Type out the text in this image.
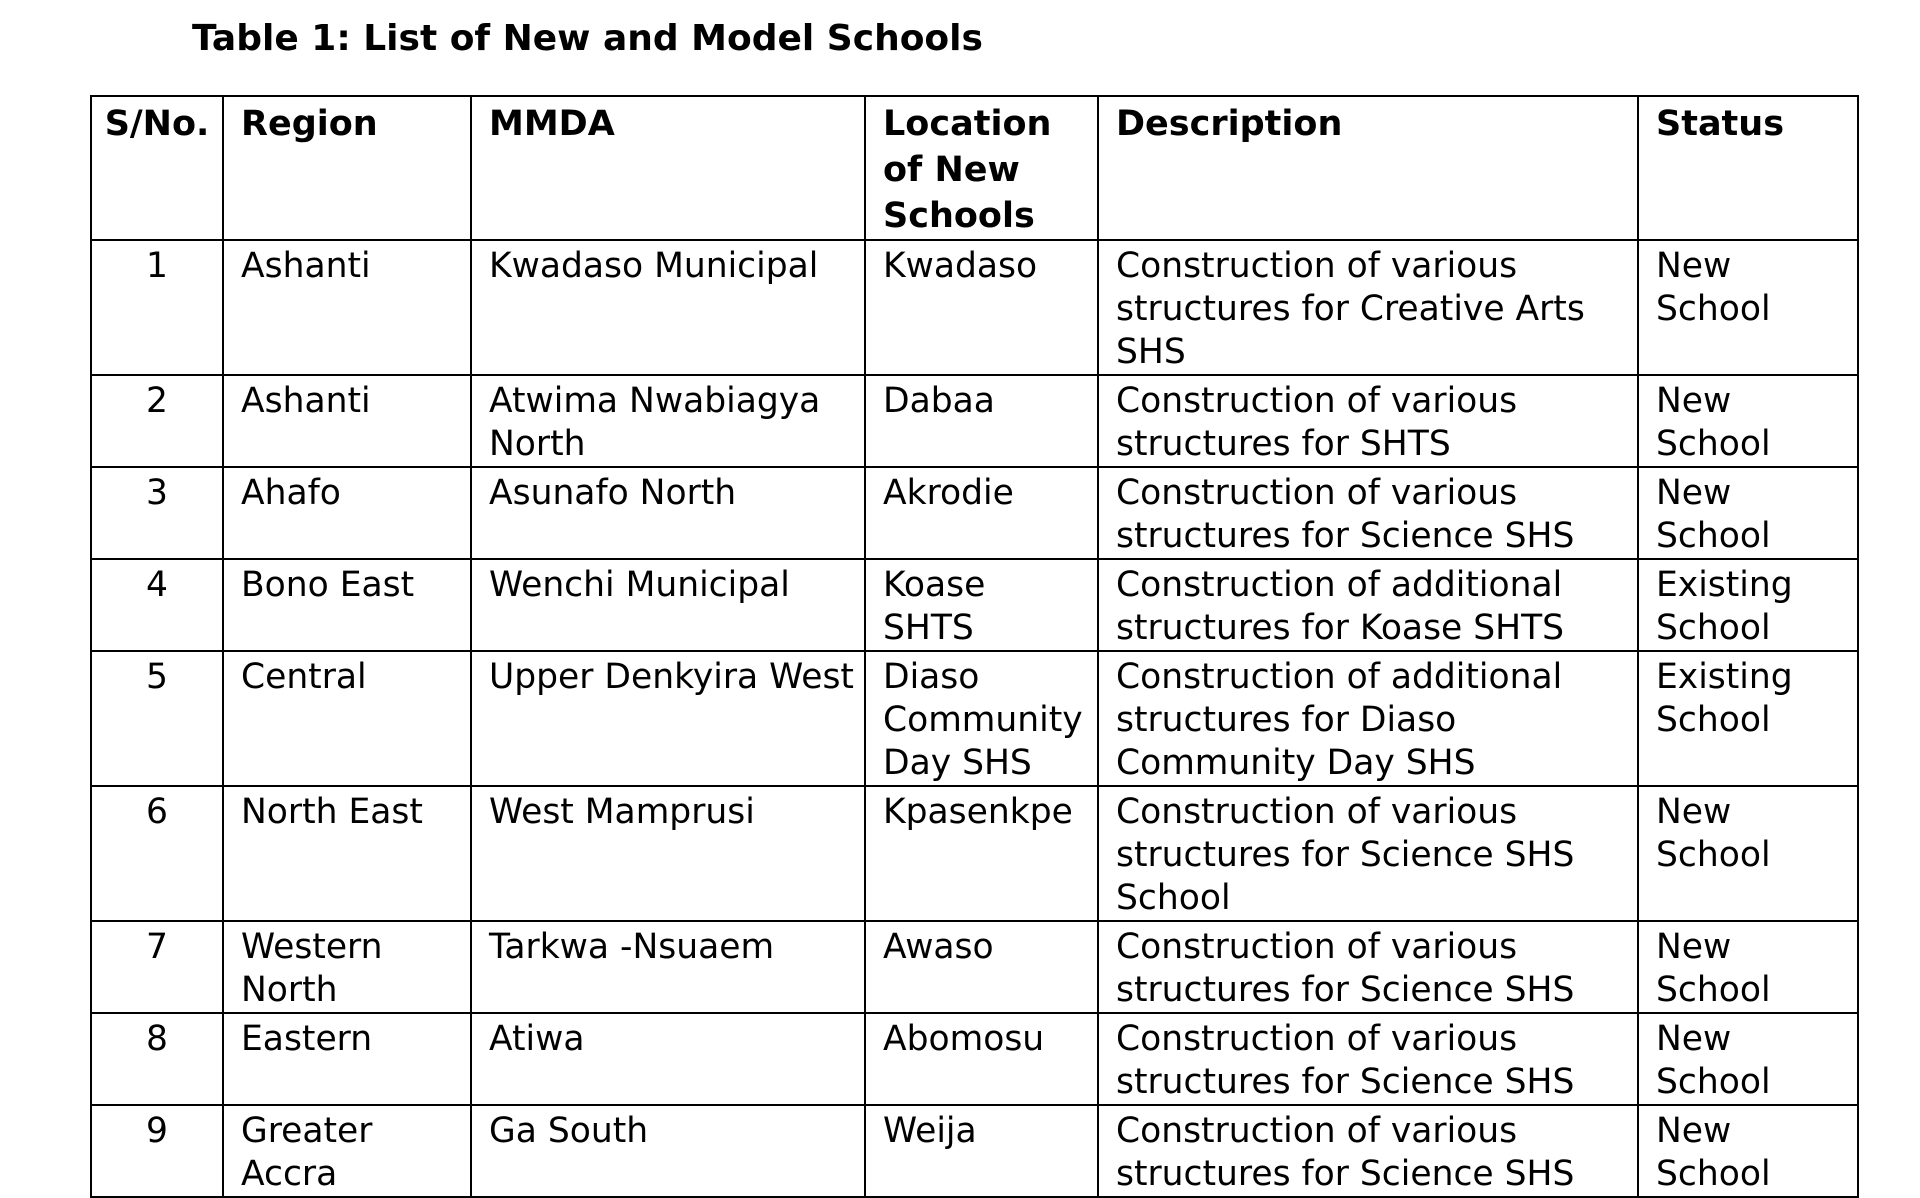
Table 1: List of New and Model Schools
S/No.	Region	MMDA	Location of New Schools	Description	Status
1	Ashanti	Kwadaso Municipal	Kwadaso	Construction of various structures for Creative Arts SHS	New School
2	Ashanti	Atwima Nwabiagya North	Dabaa	Construction of various structures for SHTS	New School
3	Ahafo	Asunafo North	Akrodie	Construction of various structures for Science SHS	New School
4	Bono East	Wenchi Municipal	Koase SHTS	Construction of additional structures for Koase SHTS	Existing School
5	Central	Upper Denkyira West	Diaso Community Day SHS	Construction of additional structures for Diaso Community Day SHS	Existing School
6	North East	West Mamprusi	Kpasenkpe	Construction of various structures for Science SHS School	New School
7	Western North	Tarkwa -Nsuaem	Awaso	Construction of various structures for Science SHS	New School
8	Eastern	Atiwa	Abomosu	Construction of various structures for Science SHS	New School
9	Greater Accra	Ga South	Weija	Construction of various structures for Science SHS	New School
